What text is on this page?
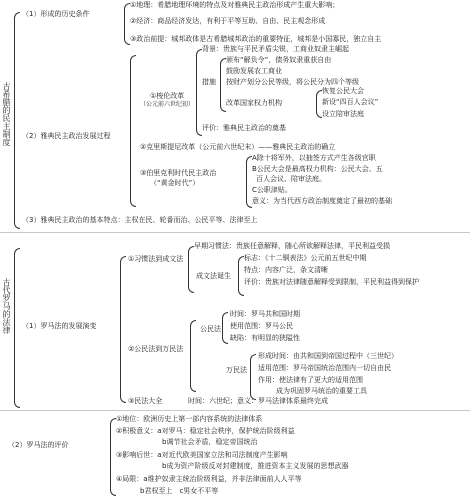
古希腊的民主制度
（1）形成的历史条件
①地理：希腊地理环境的特点及对雅典民主政治形成产生重大影响；
②经济：商品经济发达，有利于平等互助、自由、民主观念形成
③政治前提：城邦政体是古希腊城邦政治的重要特征，城邦是小国寡民，独立自主
（2）雅典民主政治发展过程
①梭伦改革
（公元前六世纪初）
背景：贵族与平民矛盾尖锐，工商业奴隶主崛起
措施
颁布“解负令”，债务奴隶重获自由
鼓励发展农工商业
按财产划分公民等级，将公民分为四个等级
改革国家权力机构
恢复公民大会
新设“四百人会议”
设立陪审法庭
评价：雅典民主政治的奠基
②克里斯提尼改革（公元前六世纪末）——雅典民主政治的确立
③伯里克利时代民主政治
（“黄金时代”）
A除十将军外，以抽签方式产生各级官职
B公民大会是最高权力机构：公民大会、五
百人会议、陪审法庭。
C公职津贴。
意义：为当代西方政治制度奠定了最初的基础
（3）雅典民主政治的基本特点：主权在民、轮番而治、公民平等、法律至上
古代罗马的法律 （1）罗马法的发展演变
①习惯法到成文法
早期习惯法：贵族任意解释，随心所欲解释法律，平民利益受损
成文法诞生
标志：《十二铜表法》公元前五世纪中期
特点：内容广泛，条文清晰
评价：贵族对法律随意解释受到限制，平民利益得到保护
②公民法到万民法
公民法
时间：罗马共和国时期
使用范围：罗马公民
缺陷：有明显的狭隘性
万民法
形成时间：由共和国到帝国过程中（三世纪）
适用范围：罗马帝国统治范围内一切自由民
作用：使法律有了更大的适用范围
成为巩固罗马统治的重要工具
③民法大全	时间：六世纪；意义：罗马法律体系最终完成
（2）罗马法的评价
①地位：欧洲历史上第一部内容系统的法律体系
②积极意义：a对罗马：稳定社会秩序，保护统治阶级利益
b调节社会矛盾，稳定帝国统治
③影响后世：a对近代欧美国家立法和司法制度产生影响
b成为资产阶级反对封建制度，推进资本主义发展的思想武器
④局限：a维护奴隶主统治阶级利益，并非法律面前人人平等
b君权至上　c男女不平等
